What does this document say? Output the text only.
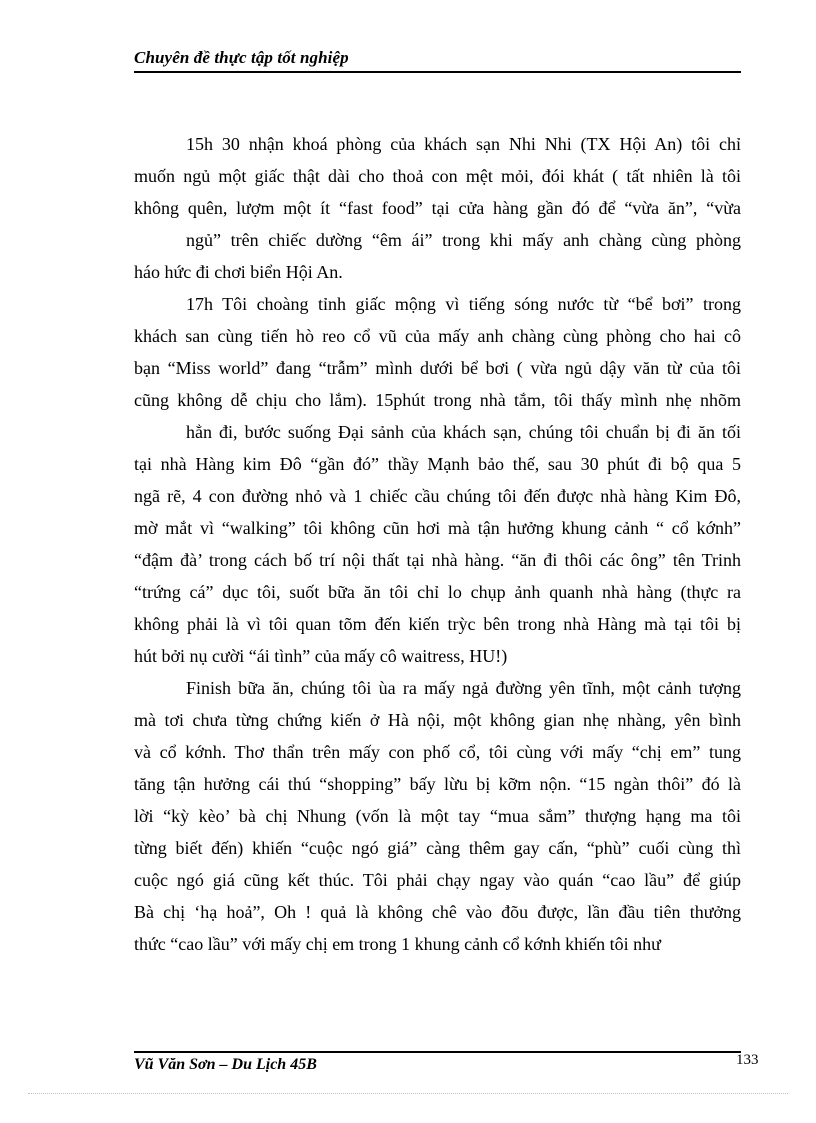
Chuyên đề thực tập tốt nghiệp
15h 30 nhận khoá phòng của khách sạn Nhi Nhi (TX Hội An) tôi chỉ
muốn ngủ một giấc thật dài cho thoả con mệt mỏi, đói khát ( tất nhiên là tôi
không quên, lượm một ít “fast food” tại cửa hàng gần đó để “vừa ăn”, “vừa
ngủ” trên chiếc dường “êm ái” trong khi mấy anh chàng cùng phòng
háo hức đi chơi biển Hội An.
17h Tôi choàng tỉnh giấc mộng vì tiếng sóng nước từ “bể bơi” trong
khách san cùng tiến hò reo cổ vũ của mấy anh chàng cùng phòng cho hai cô
bạn “Miss world” đang “trẫm” mình dưới bể bơi ( vừa ngủ dậy văn từ của tôi
cũng không dễ chịu cho lắm). 15phút trong nhà tắm, tôi thấy mình nhẹ nhõm
hẳn đi, bước suống Đại sảnh của khách sạn, chúng tôi chuẩn bị đi ăn tối
tại nhà Hàng kim Đô “gần đó” thầy Mạnh bảo thế, sau 30 phút đi bộ qua 5
ngã rẽ, 4 con đường nhỏ và 1 chiếc cầu chúng tôi đến được nhà hàng Kim Đô,
mờ mắt vì “walking” tôi không cũn hơi mà tận hưởng khung cảnh “ cổ kớnh”
“đậm đà’ trong cách bố trí nội thất tại nhà hàng. “ăn đi thôi các ông” tên Trinh
“trứng cá” dục tôi, suốt bữa ăn tôi chỉ lo chụp ảnh quanh nhà hàng (thực ra
không phải là vì tôi quan tõm đến kiến trỳc bên trong nhà Hàng mà tại tôi bị
hút bởi nụ cười “ái tình” của mấy cô waitress, HU!)
Finish bữa ăn, chúng tôi ùa ra mấy ngả đường yên tĩnh, một cảnh tượng
mà tơi chưa từng chứng kiến ở Hà nội, một không gian nhẹ nhàng, yên bình
và cổ kớnh. Thơ thẩn trên mấy con phố cổ, tôi cùng với mấy “chị em” tung
tăng tận hưởng cái thú “shopping” bấy lừu bị kỡm nộn. “15 ngàn thôi” đó là
lời “kỳ kèo’ bà chị Nhung (vốn là một tay “mua sắm” thượng hạng ma tôi
từng biết đến) khiến “cuộc ngó giá” càng thêm gay cấn, “phù” cuối cùng thì
cuộc ngó giá cũng kết thúc. Tôi phải chạy ngay vào quán “cao lầu” để giúp
Bà chị ‘hạ hoả”, Oh ! quả là không chê vào đõu được, lần đầu tiên thưởng
thức “cao lầu” với mấy chị em trong 1 khung cảnh cổ kớnh khiến tôi như
Vũ Văn Sơn – Du Lịch 45B	133
